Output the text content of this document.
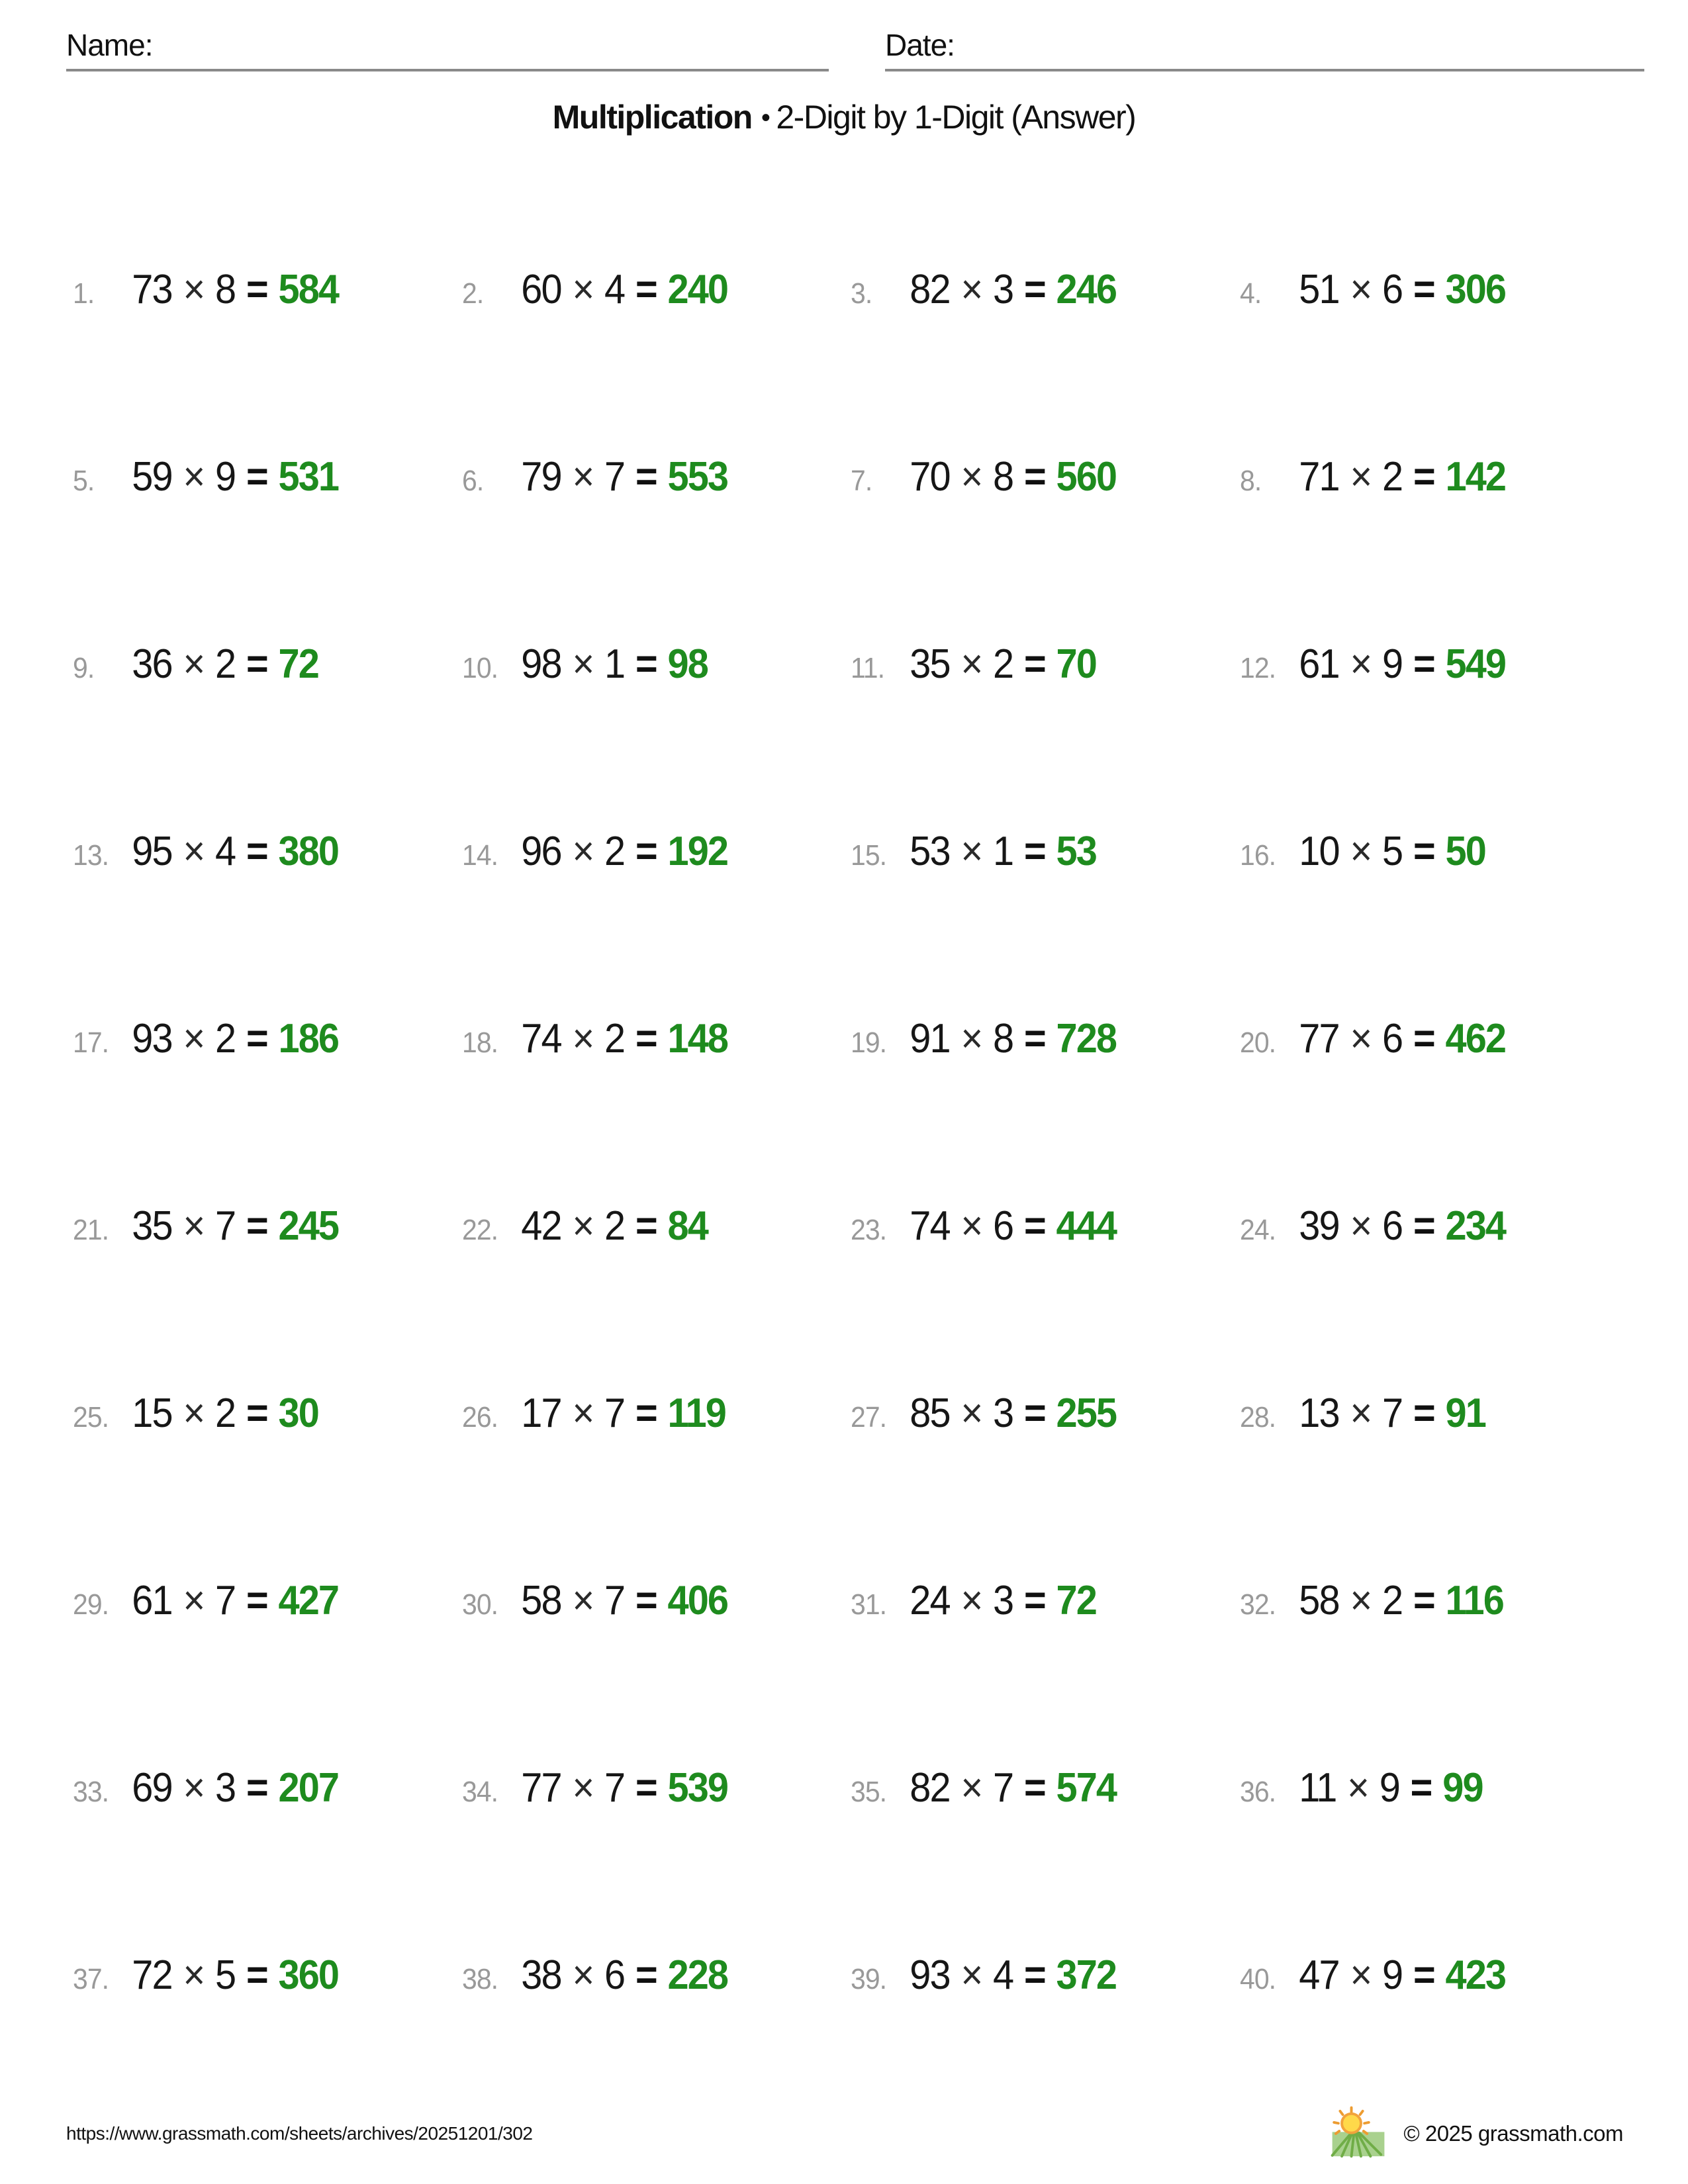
Name:	Date:
Multiplication • 2-Digit by 1-Digit (Answer)
1. 73 × 8 = 584	2. 60 × 4 = 240	3. 82 × 3 = 246	4. 51 × 6 = 306
5. 59 × 9 = 531	6. 79 × 7 = 553	7. 70 × 8 = 560	8. 71 × 2 = 142
9. 36 × 2 = 72	10. 98 × 1 = 98	11. 35 × 2 = 70	12. 61 × 9 = 549
13. 95 × 4 = 380	14. 96 × 2 = 192	15. 53 × 1 = 53	16. 10 × 5 = 50
17. 93 × 2 = 186	18. 74 × 2 = 148	19. 91 × 8 = 728	20. 77 × 6 = 462
21. 35 × 7 = 245	22. 42 × 2 = 84	23. 74 × 6 = 444	24. 39 × 6 = 234
25. 15 × 2 = 30	26. 17 × 7 = 119	27. 85 × 3 = 255	28. 13 × 7 = 91
29. 61 × 7 = 427	30. 58 × 7 = 406	31. 24 × 3 = 72	32. 58 × 2 = 116
33. 69 × 3 = 207	34. 77 × 7 = 539	35. 82 × 7 = 574	36. 11 × 9 = 99
37. 72 × 5 = 360	38. 38 × 6 = 228	39. 93 × 4 = 372	40. 47 × 9 = 423
https://www.grassmath.com/sheets/archives/20251201/302	© 2025 grassmath.com
